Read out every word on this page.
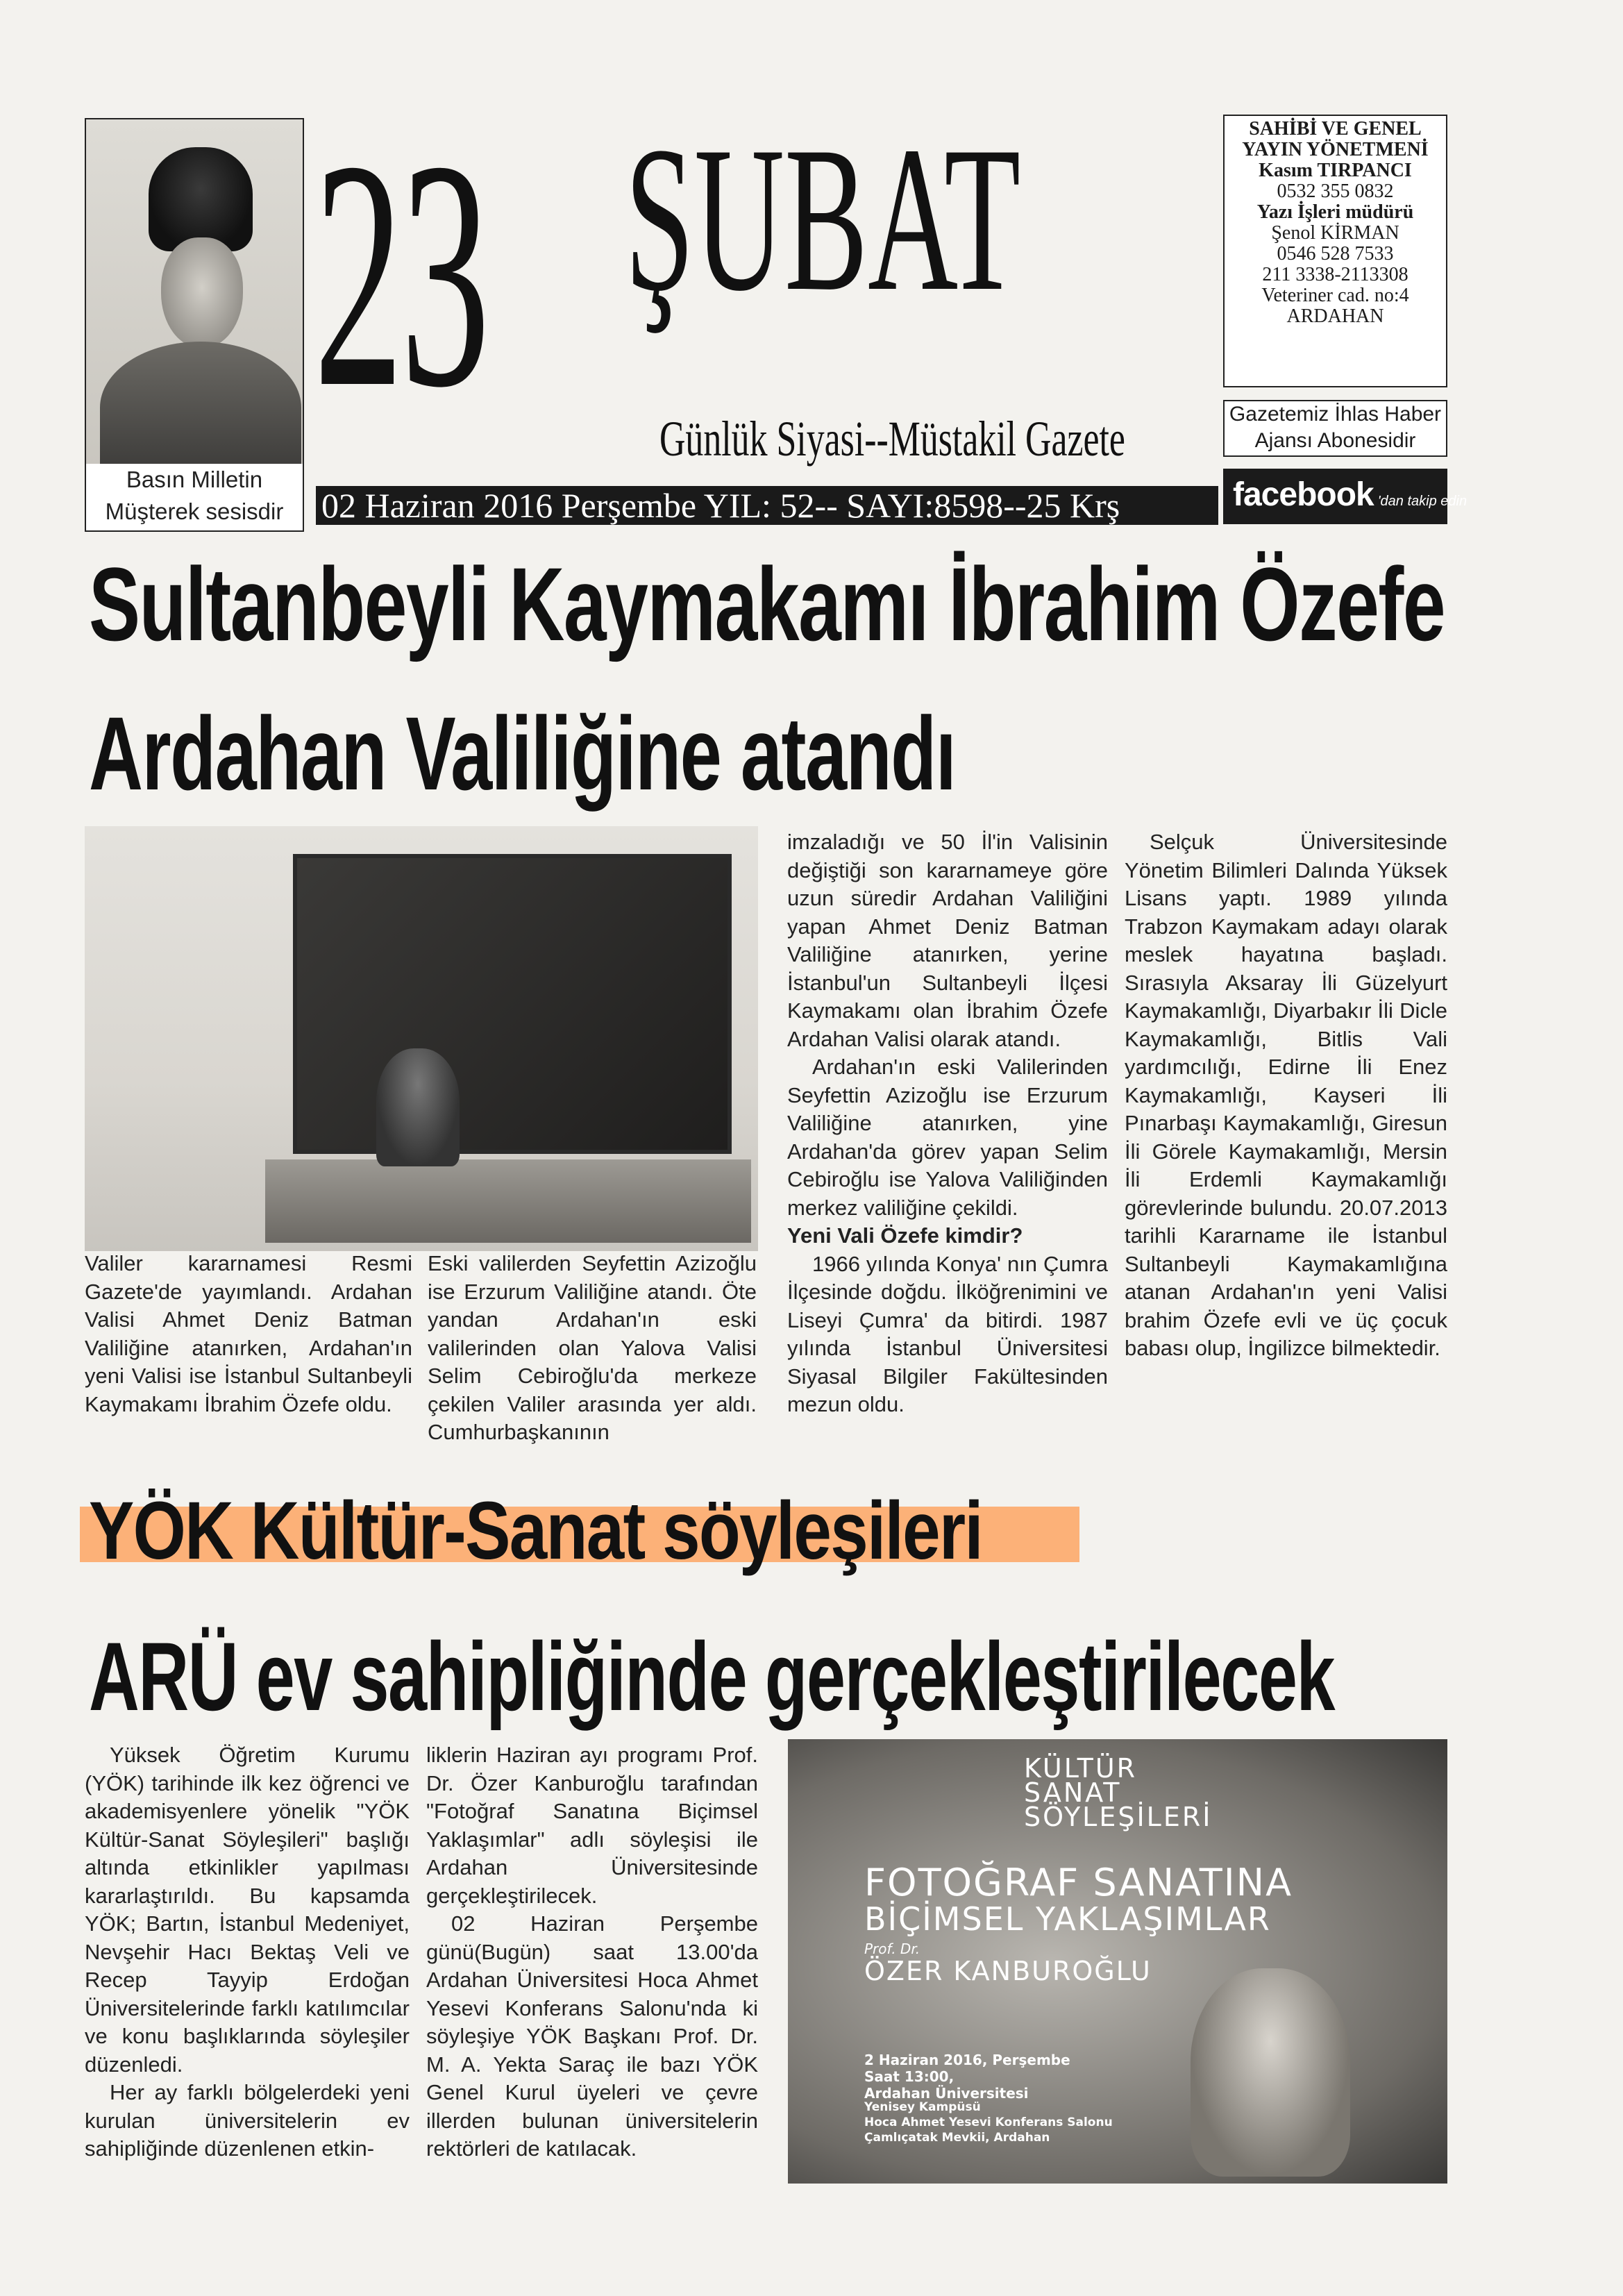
Basın Milletin
Müşterek sesisdir
23 ŞUBAT
Günlük Siyasi--Müstakil Gazete
02 Haziran 2016 Perşembe YIL: 52-- SAYI:8598--25 Krş
SAHİBİ VE GENEL
YAYIN YÖNETMENİ
Kasım TIRPANCI
0532 355 0832
Yazı İşleri müdürü
Şenol KİRMAN
0546 528 7533
211 3338-2113308
Veteriner cad. no:4
ARDAHAN
Gazetemiz İhlas Haber
Ajansı Abonesidir
facebook 'dan takip edin
Sultanbeyli Kaymakamı İbrahim Özefe
Ardahan Valiliğine atandı

Valiler kararnamesi Resmi Gazete'de yayımlandı. Ardahan Valisi Ahmet Deniz Batman Valiliğine atanırken, Ardahan'ın yeni Valisi ise İstanbul Sultanbeyli Kaymakamı İbrahim Özefe oldu.

Eski valilerden Seyfettin Azizoğlu ise Erzurum Valiliğine atandı. Öte yandan Ardahan'ın eski valilerinden olan Yalova Valisi Selim Cebiroğlu'da merkeze çekilen Valiler arasında yer aldı. Cumhurbaşkanının

imzaladığı ve 50 İl'in Valisinin değiştiği son kararnameye göre uzun süredir Ardahan Valiliğini yapan Ahmet Deniz Batman Valiliğine atanırken, yerine İstanbul'un Sultanbeyli İlçesi Kaymakamı olan İbrahim Özefe Ardahan Valisi olarak atandı.

Ardahan'ın eski Valilerinden Seyfettin Azizoğlu ise Erzurum Valiliğine atanırken, yine Ardahan'da görev yapan Selim Cebiroğlu ise Yalova Valiliğinden merkez valiliğine çekildi.

Yeni Vali Özefe kimdir?

1966 yılında Konya' nın Çumra İlçesinde doğdu. İlköğrenimini ve Liseyi Çumra' da bitirdi. 1987 yılında İstanbul Üniversitesi Siyasal Bilgiler Fakültesinden mezun oldu.

Selçuk Üniversitesinde Yönetim Bilimleri Dalında Yüksek Lisans yaptı. 1989 yılında Trabzon Kaymakam adayı olarak meslek hayatına başladı. Sırasıyla Aksaray İli Güzelyurt Kaymakamlığı, Diyarbakır İli Dicle Kaymakamlığı, Bitlis Vali yardımcılığı, Edirne İli Enez Kaymakamlığı, Kayseri İli Pınarbaşı Kaymakamlığı, Giresun İli Görele Kaymakamlığı, Mersin İli Erdemli Kaymakamlığı görevlerinde bulundu. 20.07.2013 tarihli Kararname ile İstanbul Sultanbeyli Kaymakamlığına atanan Ardahan'ın yeni Valisi brahim Özefe evli ve üç çocuk babası olup, İngilizce bilmektedir.

YÖK Kültür-Sanat söyleşileri
ARÜ ev sahipliğinde gerçekleştirilecek

Yüksek Öğretim Kurumu (YÖK) tarihinde ilk kez öğrenci ve akademisyenlere yönelik "YÖK Kültür-Sanat Söyleşileri" başlığı altında etkinlikler yapılması kararlaştırıldı. Bu kapsamda YÖK; Bartın, İstanbul Medeniyet, Nevşehir Hacı Bektaş Veli ve Recep Tayyip Erdoğan Üniversitelerinde farklı katılımcılar ve konu başlıklarında söyleşiler düzenledi.

Her ay farklı bölgelerdeki yeni kurulan üniversitelerin ev sahipliğinde düzenlenen etkin-

liklerin Haziran ayı programı Prof. Dr. Özer Kanburoğlu tarafından "Fotoğraf Sanatına Biçimsel Yaklaşımlar" adlı söyleşisi ile Ardahan Üniversitesinde gerçekleştirilecek.

02 Haziran Perşembe günü(Bugün) saat 13.00'da Ardahan Üniversitesi Hoca Ahmet Yesevi Konferans Salonu'nda ki söyleşiye YÖK Başkanı Prof. Dr. M. A. Yekta Saraç ile bazı YÖK Genel Kurul üyeleri ve çevre illerden bulunan üniversitelerin rektörleri de katılacak.

KÜLTÜR
SANAT
SÖYLEŞİLERİ
FOTOĞRAF SANATINA
BİÇİMSEL YAKLAŞIMLAR
Prof. Dr.
ÖZER KANBUROĞLU
2 Haziran 2016, Perşembe
Saat 13:00,
Ardahan Üniversitesi
Yenisey Kampüsü
Hoca Ahmet Yesevi Konferans Salonu
Çamlıçatak Mevkii, Ardahan
